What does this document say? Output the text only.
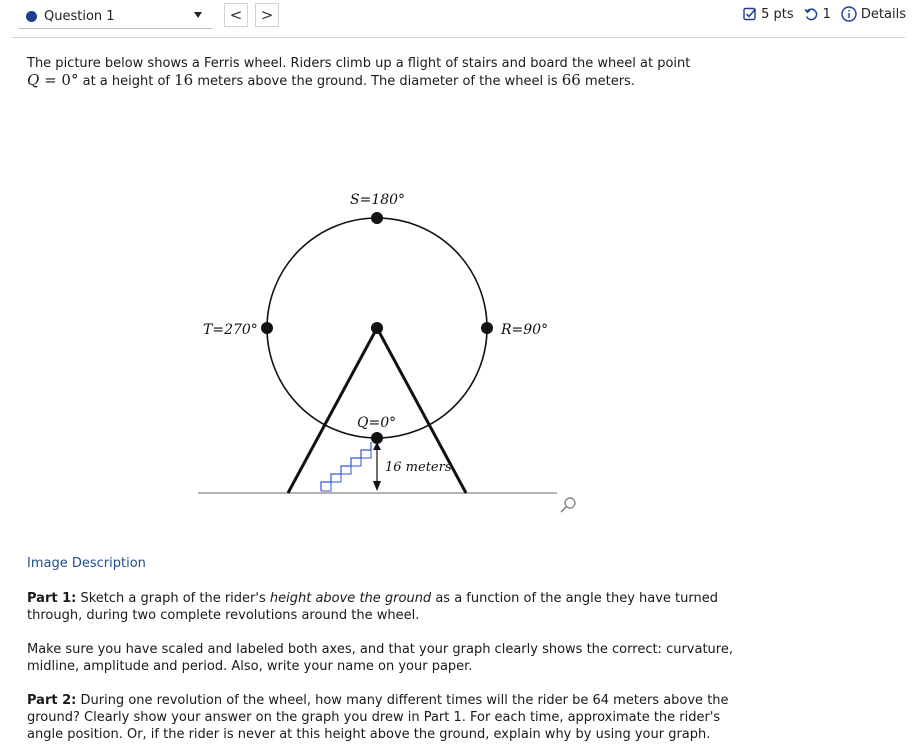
Question 1	<	>	5 pts 1 Details
The picture below shows a Ferris wheel. Riders climb up a flight of stairs and board the wheel at point
Q = 0° at a height of 16 meters above the ground. The diameter of the wheel is 66 meters.
S=180°
T=270°	R=90°
Q=0°
16 meters
Image Description
Part 1: Sketch a graph of the rider's height above the ground as a function of the angle they have turned through, during two complete revolutions around the wheel.
Make sure you have scaled and labeled both axes, and that your graph clearly shows the correct: curvature, midline, amplitude and period. Also, write your name on your paper.
Part 2: During one revolution of the wheel, how many different times will the rider be 64 meters above the ground? Clearly show your answer on the graph you drew in Part 1. For each time, approximate the rider's angle position. Or, if the rider is never at this height above the ground, explain why by using your graph.
